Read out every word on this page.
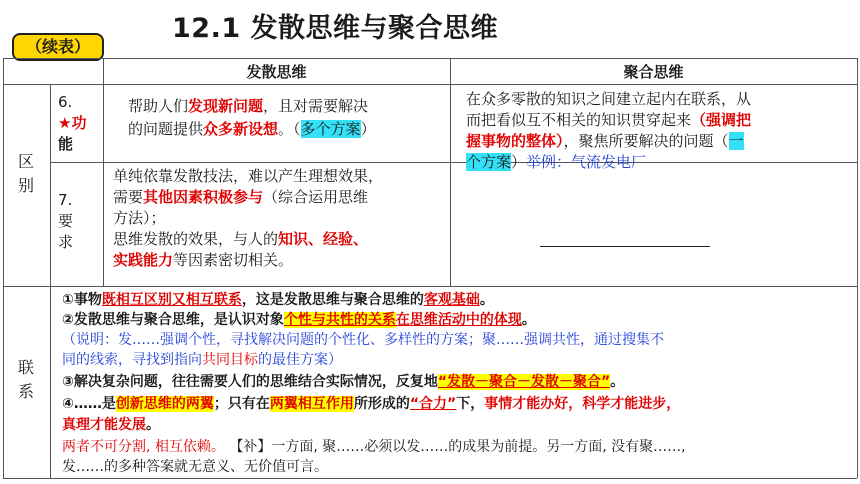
（续表）
12.1 发散思维与聚合思维
发散思维	聚合思维
区别
联系
6.
★功
能
7.
要
求
帮助人们发现新问题，且对需要解决
的问题提供众多新设想。（多个方案）
在众多零散的知识之间建立起内在联系，从
而把看似互不相关的知识贯穿起来（强调把
握事物的整体），聚焦所要解决的问题（一
个方案）举例：气流发电厂
单纯依靠发散技法，难以产生理想效果，
需要其他因素积极参与（综合运用思维
方法）；
思维发散的效果，与人的知识、经验、
实践能力等因素密切相关。
①事物既相互区别又相互联系，这是发散思维与聚合思维的客观基础。
②发散思维与聚合思维，是认识对象个性与共性的关系在思维活动中的体现。
（说明：发……强调个性，寻找解决问题的个性化、多样性的方案；聚……强调共性，通过搜集不
同的线索，寻找到指向共同目标的最佳方案）
③解决复杂问题，往往需要人们的思维结合实际情况，反复地“发散－聚合－发散－聚合”。
④……是创新思维的两翼；只有在两翼相互作用所形成的“合力”下，事情才能办好，科学才能进步，
真理才能发展。
两者不可分割, 相互依赖。 【补】一方面, 聚……必须以发……的成果为前提。另一方面, 没有聚……,
发……的多种答案就无意义、无价值可言。
